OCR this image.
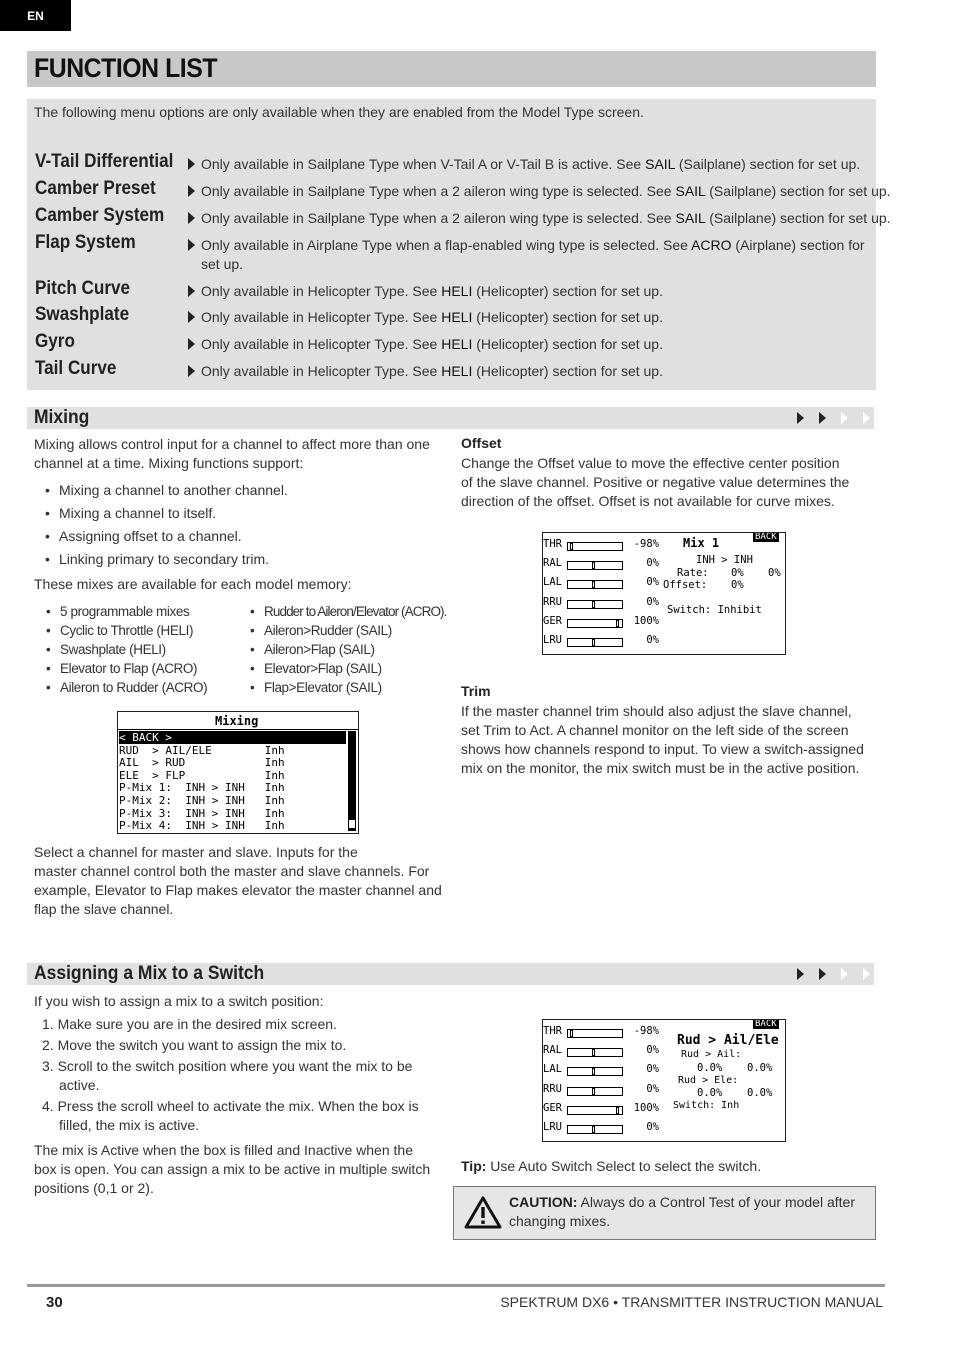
EN
FUNCTION LIST
The following menu options are only available when they are enabled from the Model Type screen.
V-Tail Differential Only available in Sailplane Type when V-Tail A or V-Tail B is active. See SAIL (Sailplane) section for set up.
Camber Preset	Only available in Sailplane Type when a 2 aileron wing type is selected. See SAIL (Sailplane) section for set up.
Camber System	Only available in Sailplane Type when a 2 aileron wing type is selected. See SAIL (Sailplane) section for set up.
Flap System	Only available in Airplane Type when a flap-enabled wing type is selected. See ACRO (Airplane) section for
set up.
Pitch Curve	Only available in Helicopter Type. See HELI (Helicopter) section for set up.
Swashplate	Only available in Helicopter Type. See HELI (Helicopter) section for set up.
Gyro	Only available in Helicopter Type. See HELI (Helicopter) section for set up.
Tail Curve	Only available in Helicopter Type. See HELI (Helicopter) section for set up.
Mixing
Mixing allows control input for a channel to affect more than one
channel at a time. Mixing functions support:
• Mixing a channel to another channel.
• Mixing a channel to itself.
• Assigning offset to a channel.
• Linking primary to secondary trim.
These mixes are available for each model memory:
• 5 programmable mixes
• Cyclic to Throttle (HELI)
• Swashplate (HELI)
• Elevator to Flap (ACRO)
• Aileron to Rudder (ACRO)
• Rudder to Aileron/Elevator (ACRO).
• Aileron>Rudder (SAIL)
• Aileron>Flap (SAIL)
• Elevator>Flap (SAIL)
• Flap>Elevator (SAIL)
Mixing
< BACK >
RUD  > AIL/ELE        Inh
AIL  > RUD            Inh
ELE  > FLP            Inh
P-Mix 1:  INH > INH   Inh
P-Mix 2:  INH > INH   Inh
P-Mix 3:  INH > INH   Inh
P-Mix 4:  INH > INH   Inh
Select a channel for master and slave. Inputs for the
master channel control both the master and slave channels. For
example, Elevator to Flap makes elevator the master channel and
flap the slave channel.
Offset
Change the Offset value to move the effective center position
of the slave channel. Positive or negative value determines the
direction of the offset. Offset is not available for curve mixes.
THR	-98%
RAL	0%
LAL	0%
RRU	0%
GER	100%
LRU	0%
Mix 1	BACK
INH > INH
Rate: 0% 0%
Offset: 0%
Switch: Inhibit
Trim
If the master channel trim should also adjust the slave channel,
set Trim to Act. A channel monitor on the left side of the screen
shows how channels respond to input. To view a switch-assigned
mix on the monitor, the mix switch must be in the active position.
Assigning a Mix to a Switch
If you wish to assign a mix to a switch position:
1. Make sure you are in the desired mix screen.
2. Move the switch you want to assign the mix to.
3. Scroll to the switch position where you want the mix to be
active.
4. Press the scroll wheel to activate the mix. When the box is
filled, the mix is active.
The mix is Active when the box is filled and Inactive when the
box is open. You can assign a mix to be active in multiple switch
positions (0,1 or 2).
THR	-98%
RAL	0%
LAL	0%
RRU	0%
GER	100%
LRU	0%
BACK
Rud > Ail/Ele
Rud > Ail:
0.0% 0.0%
Rud > Ele:
0.0% 0.0%
Switch: Inh
Tip: Use Auto Switch Select to select the switch.
CAUTION: Always do a Control Test of your model after
changing mixes.
30	SPEKTRUM DX6 • TRANSMITTER INSTRUCTION MANUAL
